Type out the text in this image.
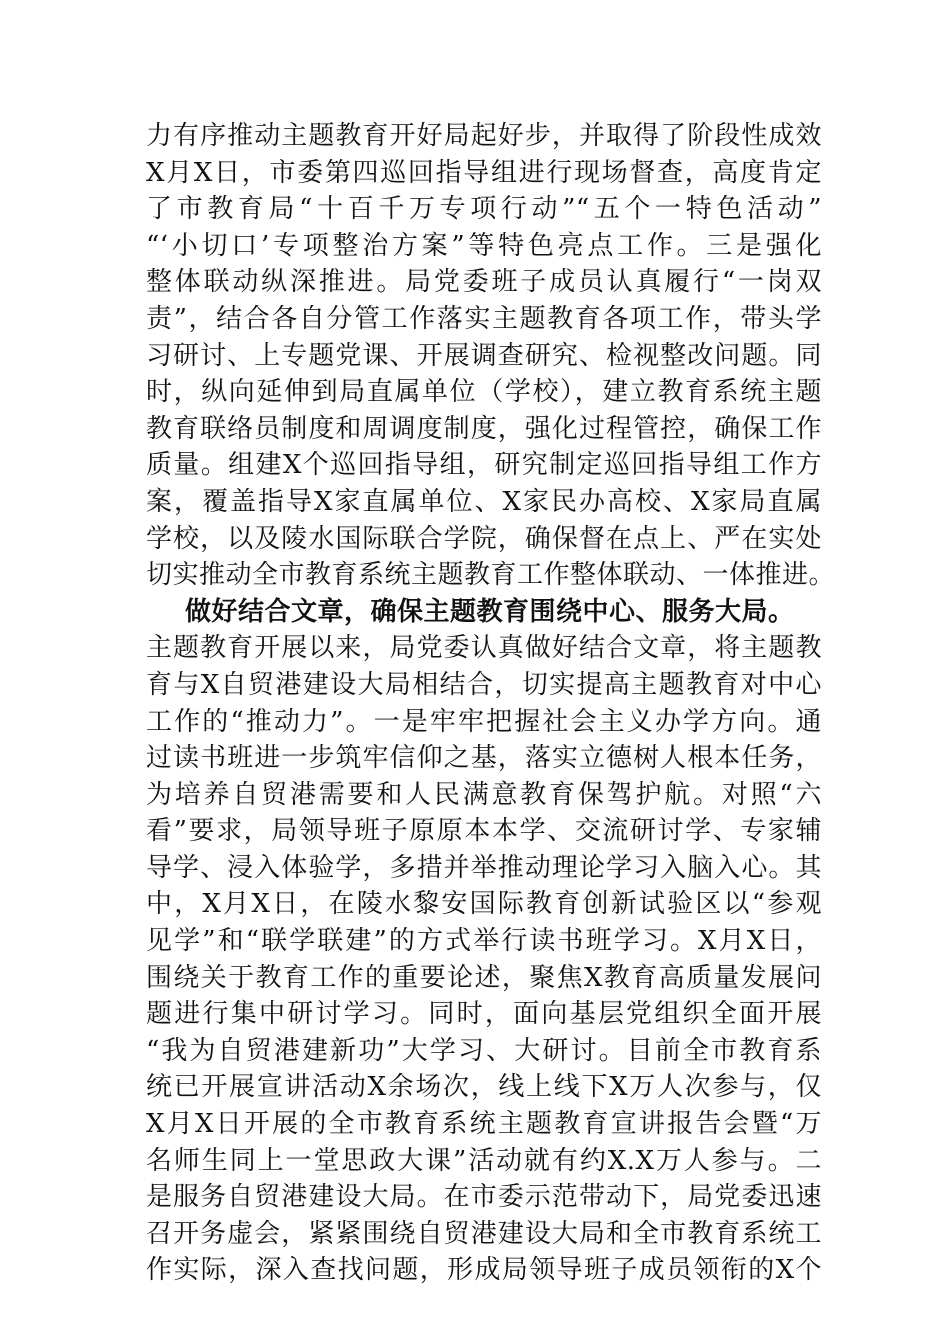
力有序推动主题教育开好局起好步，并取得了阶段性成效
X月X日，市委第四巡回指导组进行现场督查，高度肯定
了市教育局“十百千万专项行动”“五个一特色活动”
“‘小切口’专项整治方案”等特色亮点工作。三是强化
整体联动纵深推进。局党委班子成员认真履行“一岗双
责”，结合各自分管工作落实主题教育各项工作，带头学
习研讨、上专题党课、开展调查研究、检视整改问题。同
时，纵向延伸到局直属单位（学校），建立教育系统主题
教育联络员制度和周调度制度，强化过程管控，确保工作
质量。组建X个巡回指导组，研究制定巡回指导组工作方
案，覆盖指导X家直属单位、X家民办高校、X家局直属
学校，以及陵水国际联合学院，确保督在点上、严在实处
切实推动全市教育系统主题教育工作整体联动、一体推进。
做好结合文章，确保主题教育围绕中心、服务大局。
主题教育开展以来，局党委认真做好结合文章，将主题教
育与X自贸港建设大局相结合，切实提高主题教育对中心
工作的“推动力”。一是牢牢把握社会主义办学方向。通
过读书班进一步筑牢信仰之基，落实立德树人根本任务，
为培养自贸港需要和人民满意教育保驾护航。对照“六
看”要求，局领导班子原原本本学、交流研讨学、专家辅
导学、浸入体验学，多措并举推动理论学习入脑入心。其
中，X月X日，在陵水黎安国际教育创新试验区以“参观
见学”和“联学联建”的方式举行读书班学习。X月X日，
围绕关于教育工作的重要论述，聚焦X教育高质量发展问
题进行集中研讨学习。同时，面向基层党组织全面开展
“我为自贸港建新功”大学习、大研讨。目前全市教育系
统已开展宣讲活动X余场次，线上线下X万人次参与，仅
X月X日开展的全市教育系统主题教育宣讲报告会暨“万
名师生同上一堂思政大课”活动就有约X.X万人参与。二
是服务自贸港建设大局。在市委示范带动下，局党委迅速
召开务虚会，紧紧围绕自贸港建设大局和全市教育系统工
作实际，深入查找问题，形成局领导班子成员领衔的X个
